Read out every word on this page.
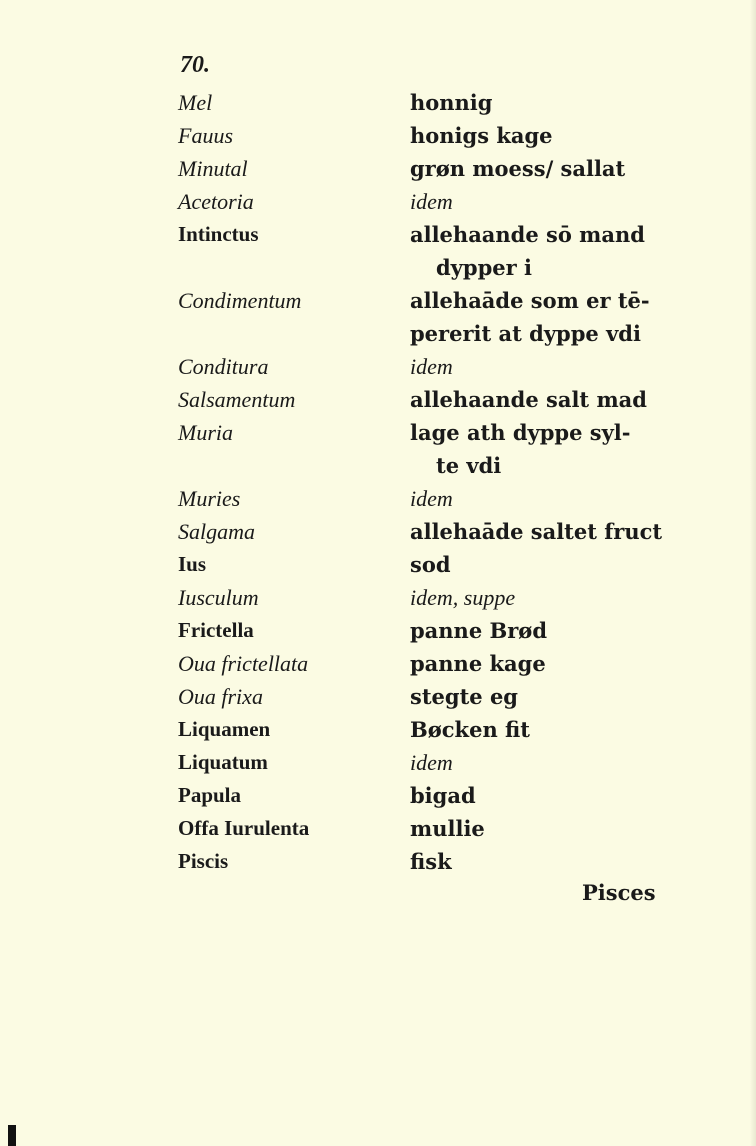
70.
Mel	honnig
Fauus	honigs kage
Minutal	grøn moess/ sallat
Acetoria	idem
Intinctus	allehaande sō mand
dypper i
Condimentum	allehaāde som er tē-
pererit at dyppe vdi
Conditura	idem
Salsamentum	allehaande salt mad
Muria	lage ath dyppe syl-
te vdi
Muries	idem
Salgama	allehaāde saltet fruct
Ius	sod
Iusculum	idem, suppe
Frictella	panne Brød
Oua frictellata	panne kage
Oua frixa	stegte eg
Liquamen	Bøcken fit
Liquatum	idem
Papula	bigad
Offa Iurulenta	mullie
Piscis	fisk
Pisces
